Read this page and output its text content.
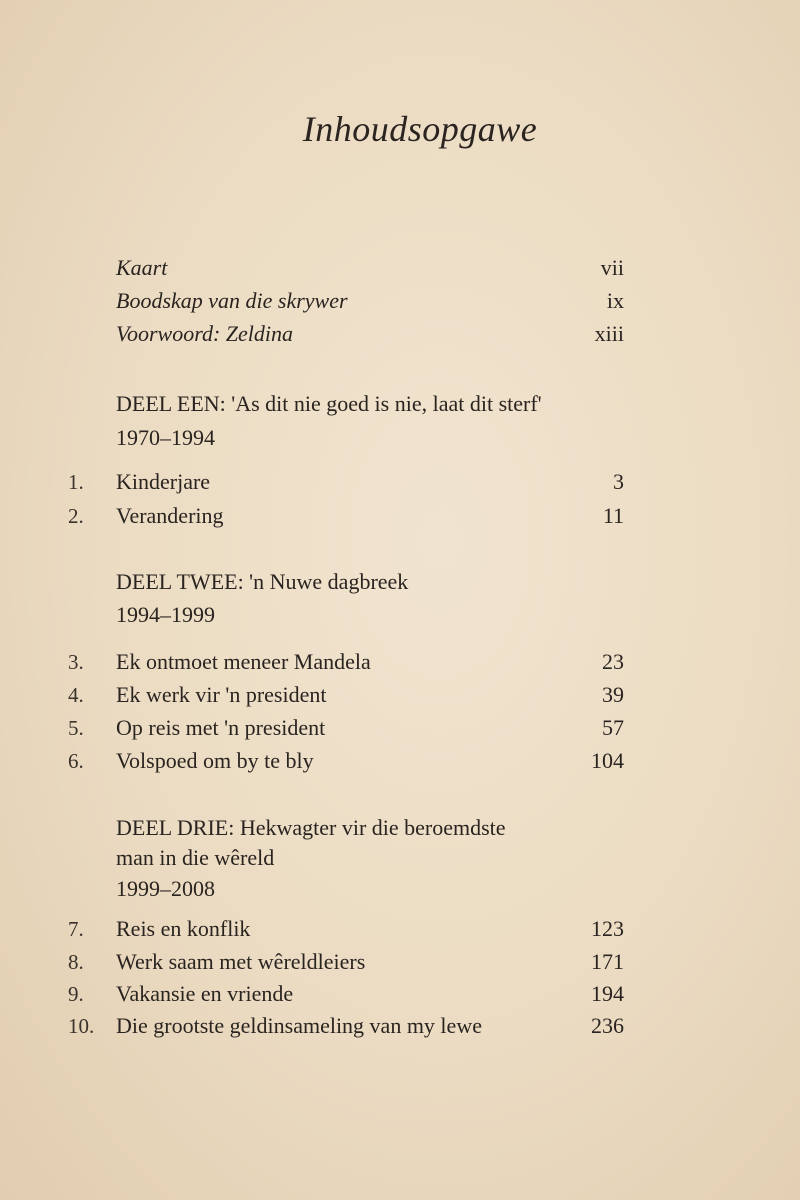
Inhoudsopgawe
Kaart	vii
Boodskap van die skrywer	ix
Voorwoord: Zeldina	xiii
DEEL EEN: 'As dit nie goed is nie, laat dit sterf'
1970–1994
1.	Kinderjare	3
2.	Verandering	11
DEEL TWEE: 'n Nuwe dagbreek
1994–1999
3.	Ek ontmoet meneer Mandela	23
4.	Ek werk vir 'n president	39
5.	Op reis met 'n president	57
6.	Volspoed om by te bly	104
DEEL DRIE: Hekwagter vir die beroemdste
man in die wêreld
1999–2008
7.	Reis en konflik	123
8.	Werk saam met wêreldleiers	171
9.	Vakansie en vriende	194
10. Die grootste geldinsameling van my lewe	236
